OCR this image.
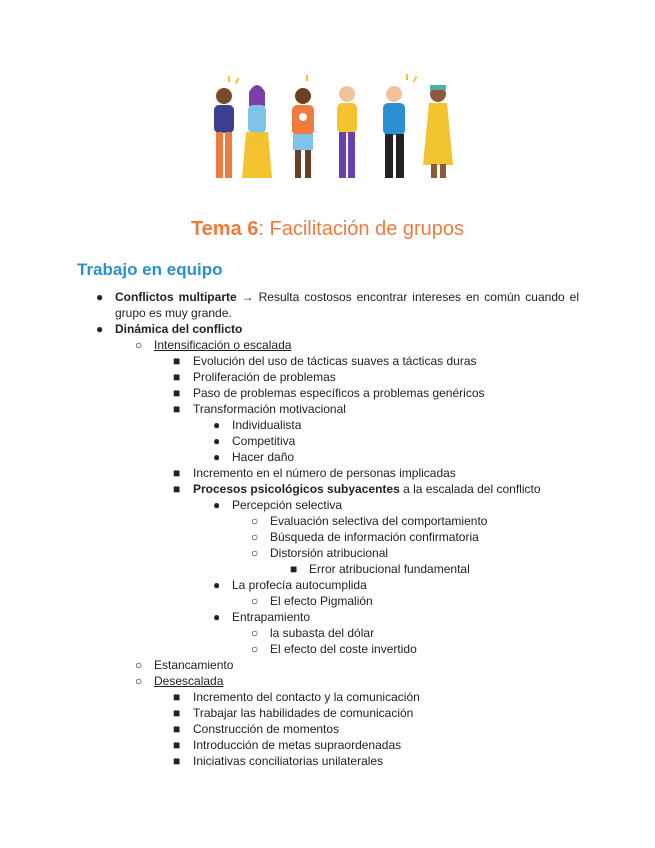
Tema 6: Facilitación de grupos
Trabajo en equipo
● Conflictos multiparte → Resulta costosos encontrar intereses en común cuando el grupo es muy grande.
● Dinámica del conflicto
○ Intensificación o escalada
■ Evolución del uso de tácticas suaves a tácticas duras
■ Proliferación de problemas
■ Paso de problemas específicos a problemas genéricos
■ Transformación motivacional
● Individualista
● Competitiva
● Hacer daño
■ Incremento en el número de personas implicadas
■ Procesos psicológicos subyacentes a la escalada del conflicto
● Percepción selectiva
○ Evaluación selectiva del comportamiento
○ Búsqueda de información confirmatoria
○ Distorsión atribucional
■ Error atribucional fundamental
● La profecía autocumplida
○ El efecto Pigmalión
● Entrapamiento
○ la subasta del dólar
○ El efecto del coste invertido
○ Estancamiento
○ Desescalada
■ Incremento del contacto y la comunicación
■ Trabajar las habilidades de comunicación
■ Construcción de momentos
■ Introducción de metas supraordenadas
■ Iniciativas conciliatorias unilaterales
